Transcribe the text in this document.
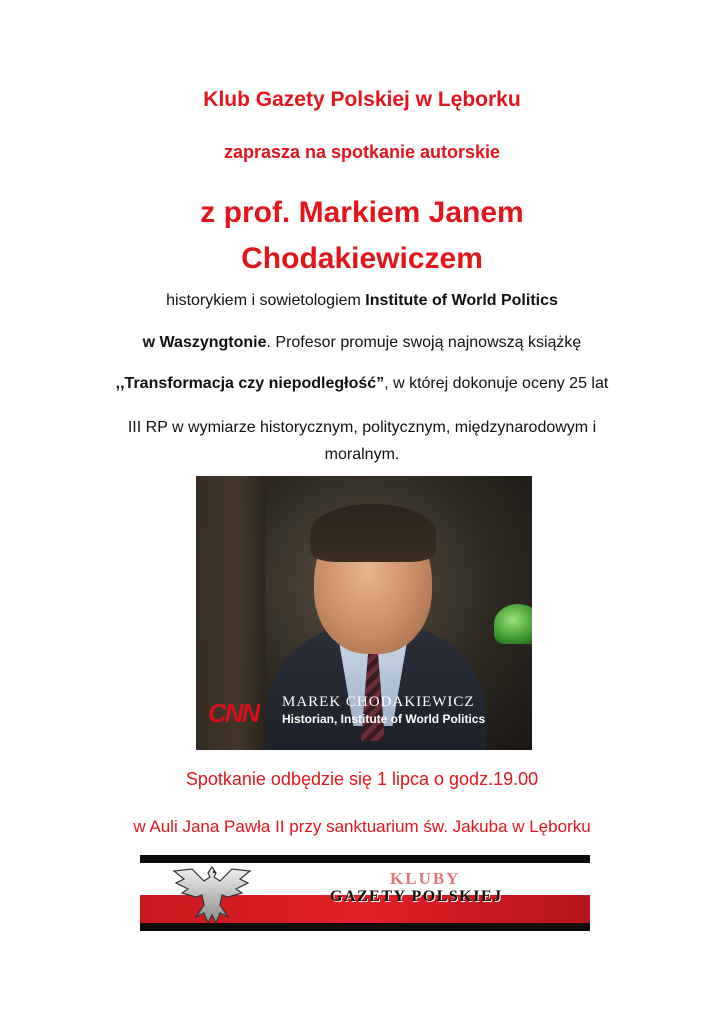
Klub Gazety Polskiej w Lęborku
zaprasza na spotkanie autorskie
z prof. Markiem Janem
Chodakiewiczem
historykiem i sowietologiem Institute of World Politics
w Waszyngtonie. Profesor promuje swoją najnowszą książkę
,,Transformacja czy niepodległość”, w której dokonuje oceny 25 lat
III RP w wymiarze historycznym, politycznym, międzynarodowym i
moralnym.
CNN MAREK CHODAKIEWICZ
Historian, Institute of World Politics
Spotkanie odbędzie się 1 lipca o godz.19.00
w Auli Jana Pawła II przy sanktuarium św. Jakuba w Lęborku
KLUBY
GAZETY POLSKIEJ
